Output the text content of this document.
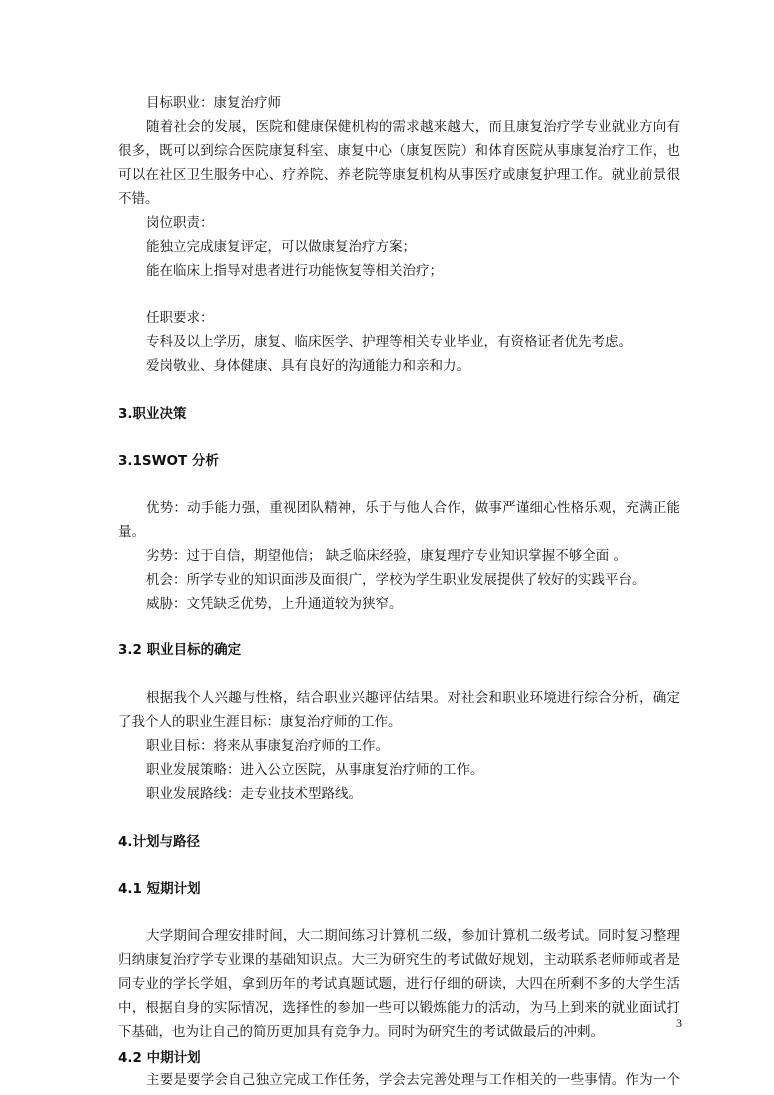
目标职业：康复治疗师
随着社会的发展，医院和健康保健机构的需求越来越大，而且康复治疗学专业就业方向有
很多，既可以到综合医院康复科室、康复中心（康复医院）和体育医院从事康复治疗工作，也
可以在社区卫生服务中心、疗养院、养老院等康复机构从事医疗或康复护理工作。就业前景很
不错。
岗位职责：
能独立完成康复评定，可以做康复治疗方案；
能在临床上指导对患者进行功能恢复等相关治疗；
任职要求：
专科及以上学历，康复、临床医学、护理等相关专业毕业，有资格证者优先考虑。
爱岗敬业、身体健康、具有良好的沟通能力和亲和力。
3.职业决策
3.1SWOT 分析
优势：动手能力强，重视团队精神，乐于与他人合作，做事严谨细心性格乐观，充满正能
量。
劣势：过于自信，期望他信； 缺乏临床经验，康复理疗专业知识掌握不够全面 。
机会：所学专业的知识面涉及面很广，学校为学生职业发展提供了较好的实践平台。
威胁：文凭缺乏优势，上升通道较为狭窄。
3.2 职业目标的确定
根据我个人兴趣与性格，结合职业兴趣评估结果。对社会和职业环境进行综合分析，确定
了我个人的职业生涯目标：康复治疗师的工作。
职业目标：将来从事康复治疗师的工作。
职业发展策略：进入公立医院，从事康复治疗师的工作。
职业发展路线：走专业技术型路线。
4.计划与路径
4.1 短期计划
大学期间合理安排时间，大二期间练习计算机二级，参加计算机二级考试。同时复习整理
归纳康复治疗学专业课的基础知识点。大三为研究生的考试做好规划，主动联系老师师或者是
同专业的学长学姐，拿到历年的考试真题试题，进行仔细的研读，大四在所剩不多的大学生活
中，根据自身的实际情况，选择性的参加一些可以锻炼能力的活动，为马上到来的就业面试打
下基础，也为让自己的简历更加具有竞争力。同时为研究生的考试做最后的冲刺。
4.2 中期计划
主要是要学会自己独立完成工作任务，学会去完善处理与工作相关的一些事情。作为一个
3
